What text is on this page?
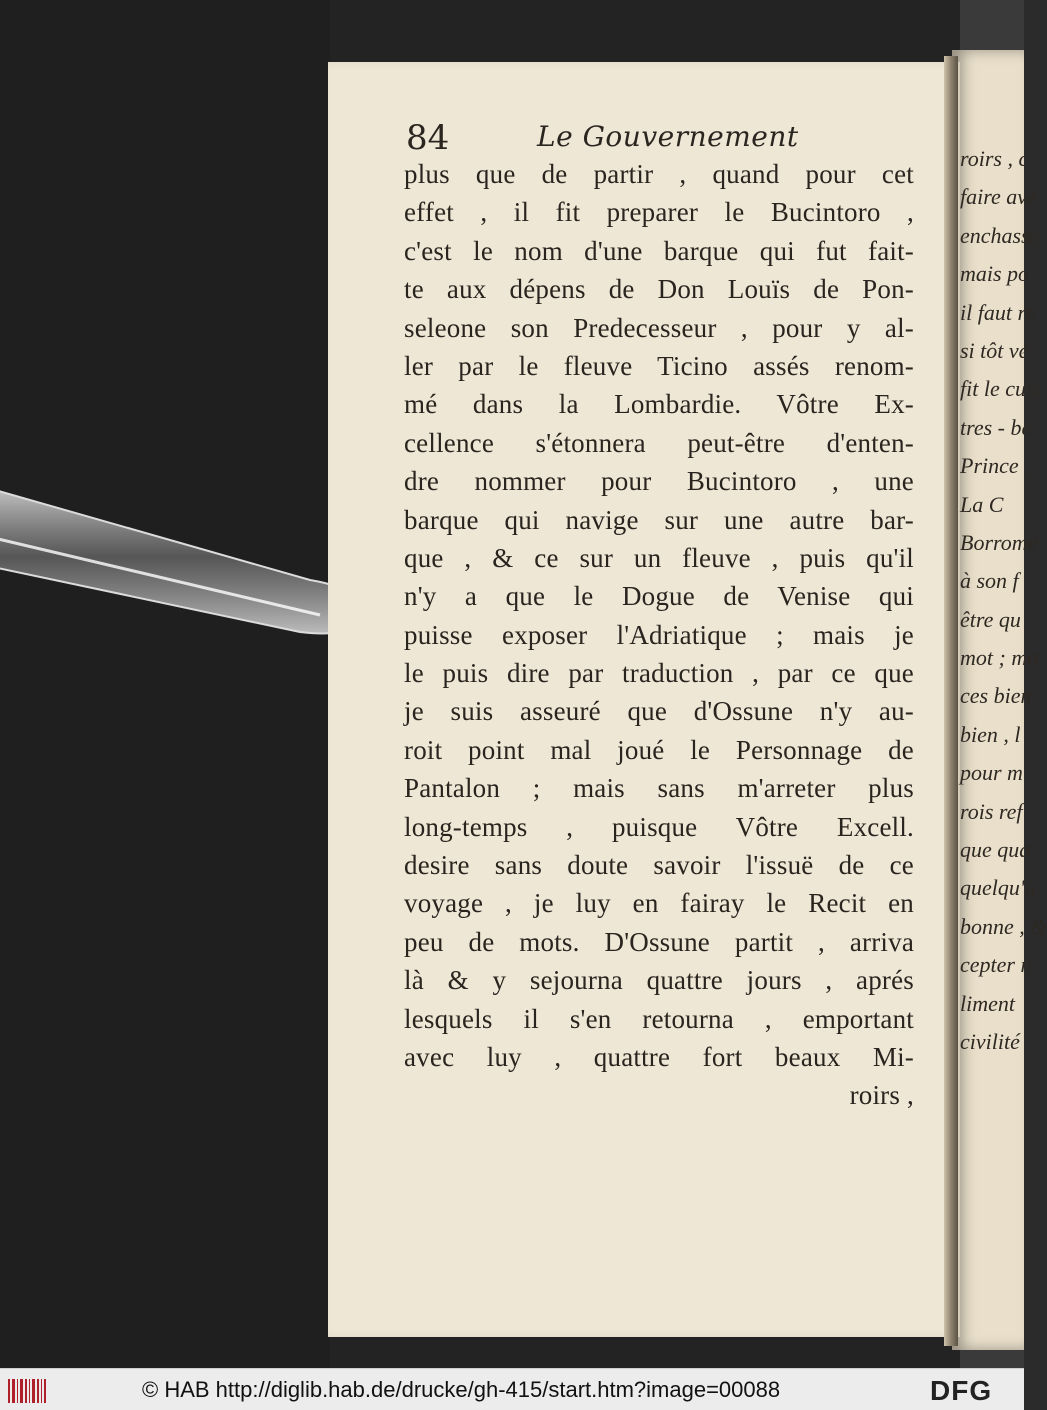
84	Le Gouvernement
plus que de partir , quand pour cet
effet , il fit preparer le Bucintoro ,
c'est le nom d'une barque qui fut fait-
te aux dépens de Don Louïs de Pon-
seleone son Predecesseur , pour y al-
ler par le fleuve Ticino assés renom-
mé dans la Lombardie. Vôtre Ex-
cellence s'étonnera peut-être d'enten-
dre nommer pour Bucintoro , une
barque qui navige sur une autre bar-
que , & ce sur un fleuve , puis qu'il
n'y a que le Dogue de Venise qui
puisse exposer l'Adriatique ; mais je
le puis dire par traduction , par ce que
je suis asseuré que d'Ossune n'y au-
roit point mal joué le Personnage de
Pantalon ; mais sans m'arreter plus
long-temps , puisque Vôtre Excell.
desire sans doute savoir l'issuë de ce
voyage , je luy en fairay le Recit en
peu de mots. D'Ossune partit , arriva
là & y sejourna quattre jours , aprés
lesquels il s'en retourna , emportant
avec luy , quattre fort beaux Mi-
roirs ,
roirs , c
faire ave
enchassé
mais po
il faut re
si tôt ve
fit le curi
tres - be
Prince ,
La C
Borrome
à son f
être qu
mot ; ma
ces bien
bien , l
pour m
rois ref
que qua
quelqu'u
bonne , &
cepter n
liment
civilité :
© HAB http://diglib.hab.de/drucke/gh-415/start.htm?image=00088	DFG
